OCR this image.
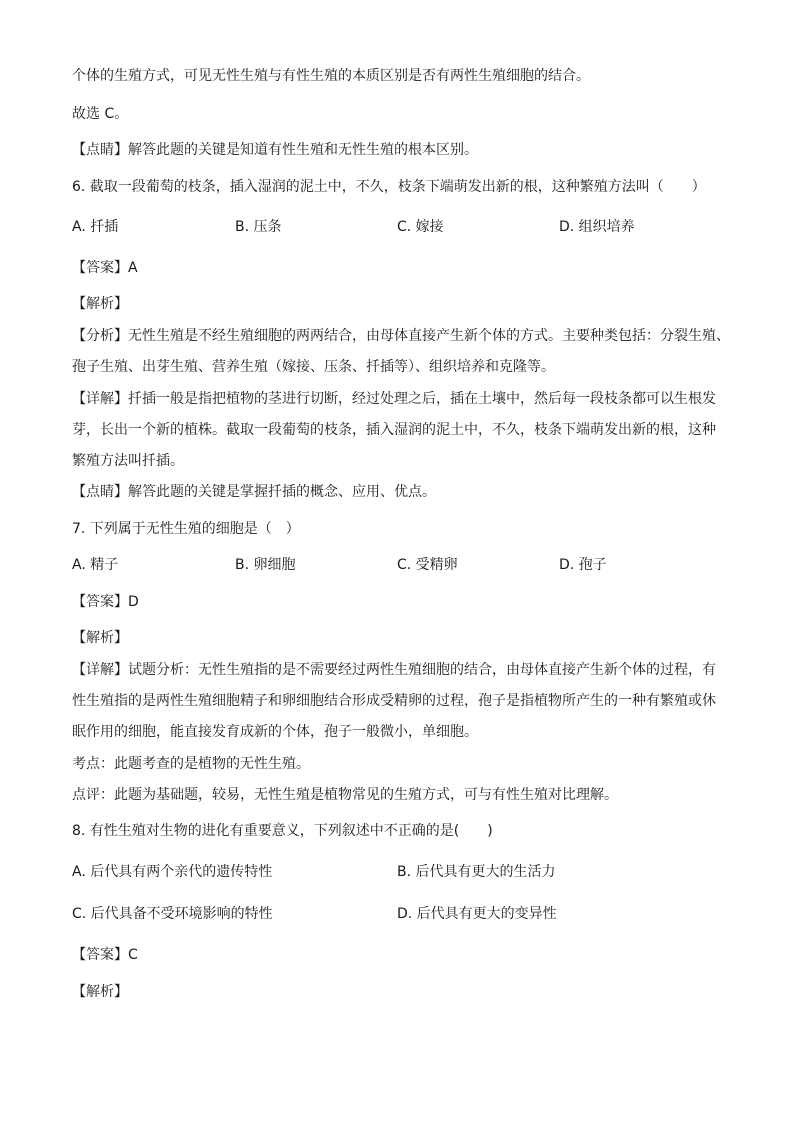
个体的生殖方式，可见无性生殖与有性生殖的本质区别是否有两性生殖细胞的结合。
故选 C。
【点睛】解答此题的关键是知道有性生殖和无性生殖的根本区别。
6. 截取一段葡萄的枝条，插入湿润的泥土中，不久，枝条下端萌发出新的根，这种繁殖方法叫（　　）
A. 扦插	B. 压条	C. 嫁接	D. 组织培养
【答案】A
【解析】
【分析】无性生殖是不经生殖细胞的两两结合，由母体直接产生新个体的方式。主要种类包括：分裂生殖、
孢子生殖、出芽生殖、营养生殖（嫁接、压条、扦插等）、组织培养和克隆等。
【详解】扦插一般是指把植物的茎进行切断，经过处理之后，插在土壤中，然后每一段枝条都可以生根发
芽，长出一个新的植株。截取一段葡萄的枝条，插入湿润的泥土中，不久，枝条下端萌发出新的根，这种
繁殖方法叫扦插。
【点睛】解答此题的关键是掌握扦插的概念、应用、优点。
7. 下列属于无性生殖的细胞是（　）
A. 精子	B. 卵细胞	C. 受精卵	D. 孢子
【答案】D
【解析】
【详解】试题分析：无性生殖指的是不需要经过两性生殖细胞的结合，由母体直接产生新个体的过程，有
性生殖指的是两性生殖细胞精子和卵细胞结合形成受精卵的过程，孢子是指植物所产生的一种有繁殖或休
眠作用的细胞，能直接发育成新的个体，孢子一般微小，单细胞。
考点：此题考查的是植物的无性生殖。
点评：此题为基础题，较易，无性生殖是植物常见的生殖方式，可与有性生殖对比理解。
8. 有性生殖对生物的进化有重要意义，下列叙述中不正确的是(　　)
A. 后代具有两个亲代的遗传特性	B. 后代具有更大的生活力
C. 后代具备不受环境影响的特性	D. 后代具有更大的变异性
【答案】C
【解析】
